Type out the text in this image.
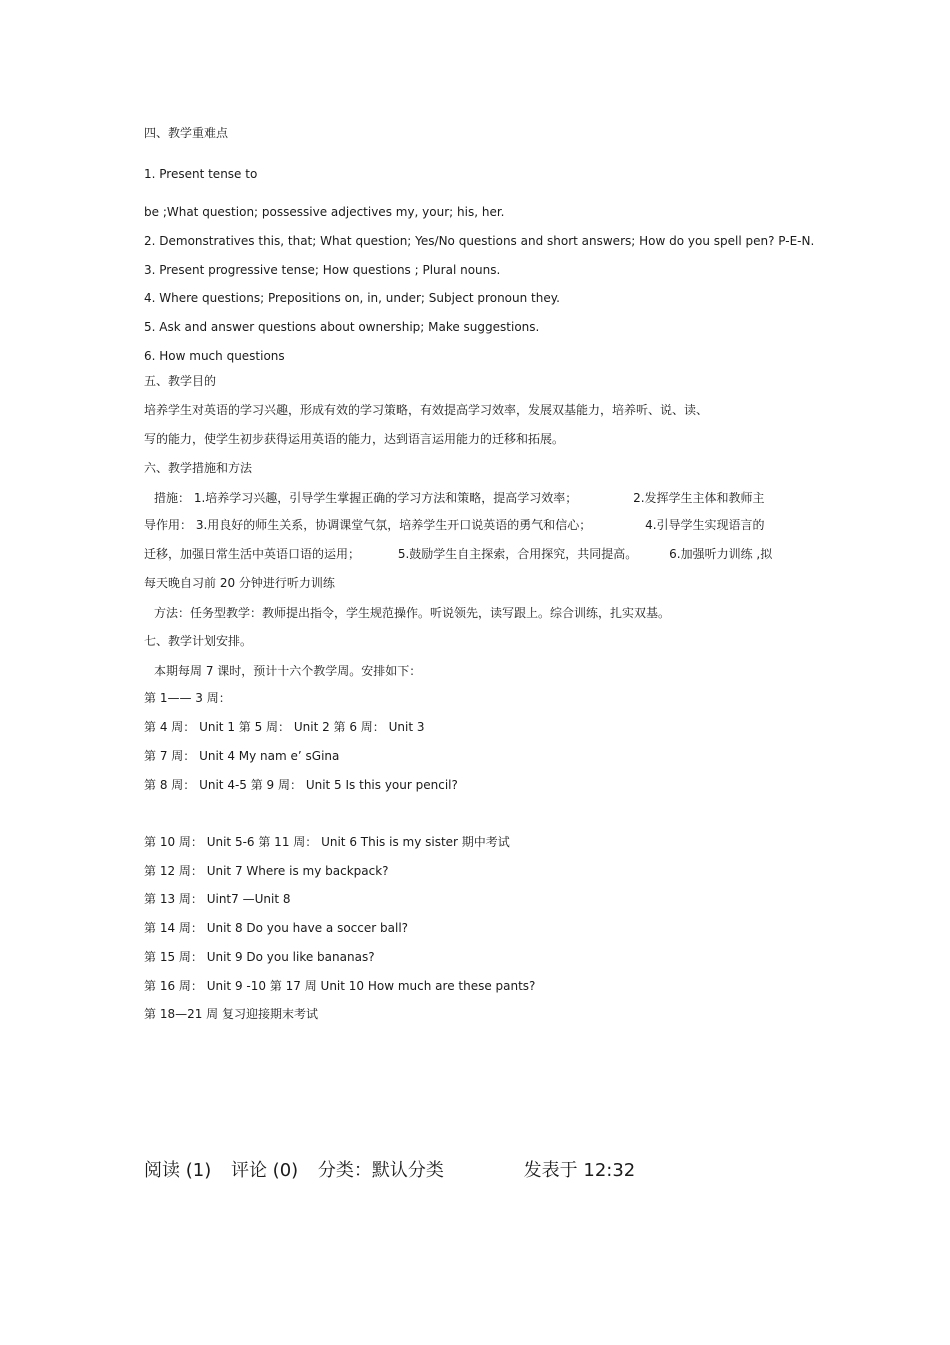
四、教学重难点
1. Present tense to
be ;What question; possessive adjectives my, your; his, her.
2. Demonstratives this, that; What question; Yes/No questions and short answers; How do you spell pen? P-E-N.
3. Present progressive tense; How questions ; Plural nouns.
4. Where questions; Prepositions on, in, under; Subject pronoun they.
5. Ask and answer questions about ownership; Make suggestions.
6. How much questions
五、教学目的
培养学生对英语的学习兴趣，形成有效的学习策略，有效提高学习效率，发展双基能力，培养听、说、读、
写的能力，使学生初步获得运用英语的能力，达到语言运用能力的迁移和拓展。
六、教学措施和方法
措施： 1.培养学习兴趣，引导学生掌握正确的学习方法和策略，提高学习效率；	2.发挥学生主体和教师主
导作用： 3.用良好的师生关系，协调课堂气氛，培养学生开口说英语的勇气和信心；	4.引导学生实现语言的
迁移，加强日常生活中英语口语的运用；	5.鼓励学生自主探索，合用探究，共同提高。	6.加强听力训练 ,拟
每天晚自习前 20 分钟进行听力训练
方法：任务型教学：教师提出指令，学生规范操作。听说领先，读写跟上。综合训练，扎实双基。
七、教学计划安排。
本期每周 7 课时，预计十六个教学周。安排如下：
第 1—— 3 周：
第 4 周： Unit 1 第 5 周： Unit 2 第 6 周： Unit 3
第 7 周： Unit 4 My nam e’ sGina
第 8 周： Unit 4-5 第 9 周： Unit 5 Is this your pencil?
第 10 周： Unit 5-6 第 11 周： Unit 6 This is my sister 期中考试
第 12 周： Unit 7 Where is my backpack?
第 13 周： Uint7 —Unit 8
第 14 周： Unit 8 Do you have a soccer ball?
第 15 周： Unit 9 Do you like bananas?
第 16 周： Unit 9 -10 第 17 周 Unit 10 How much are these pants?
第 18—21 周 复习迎接期末考试
阅读 (1) 评论 (0) 分类：默认分类	发表于 12:32
